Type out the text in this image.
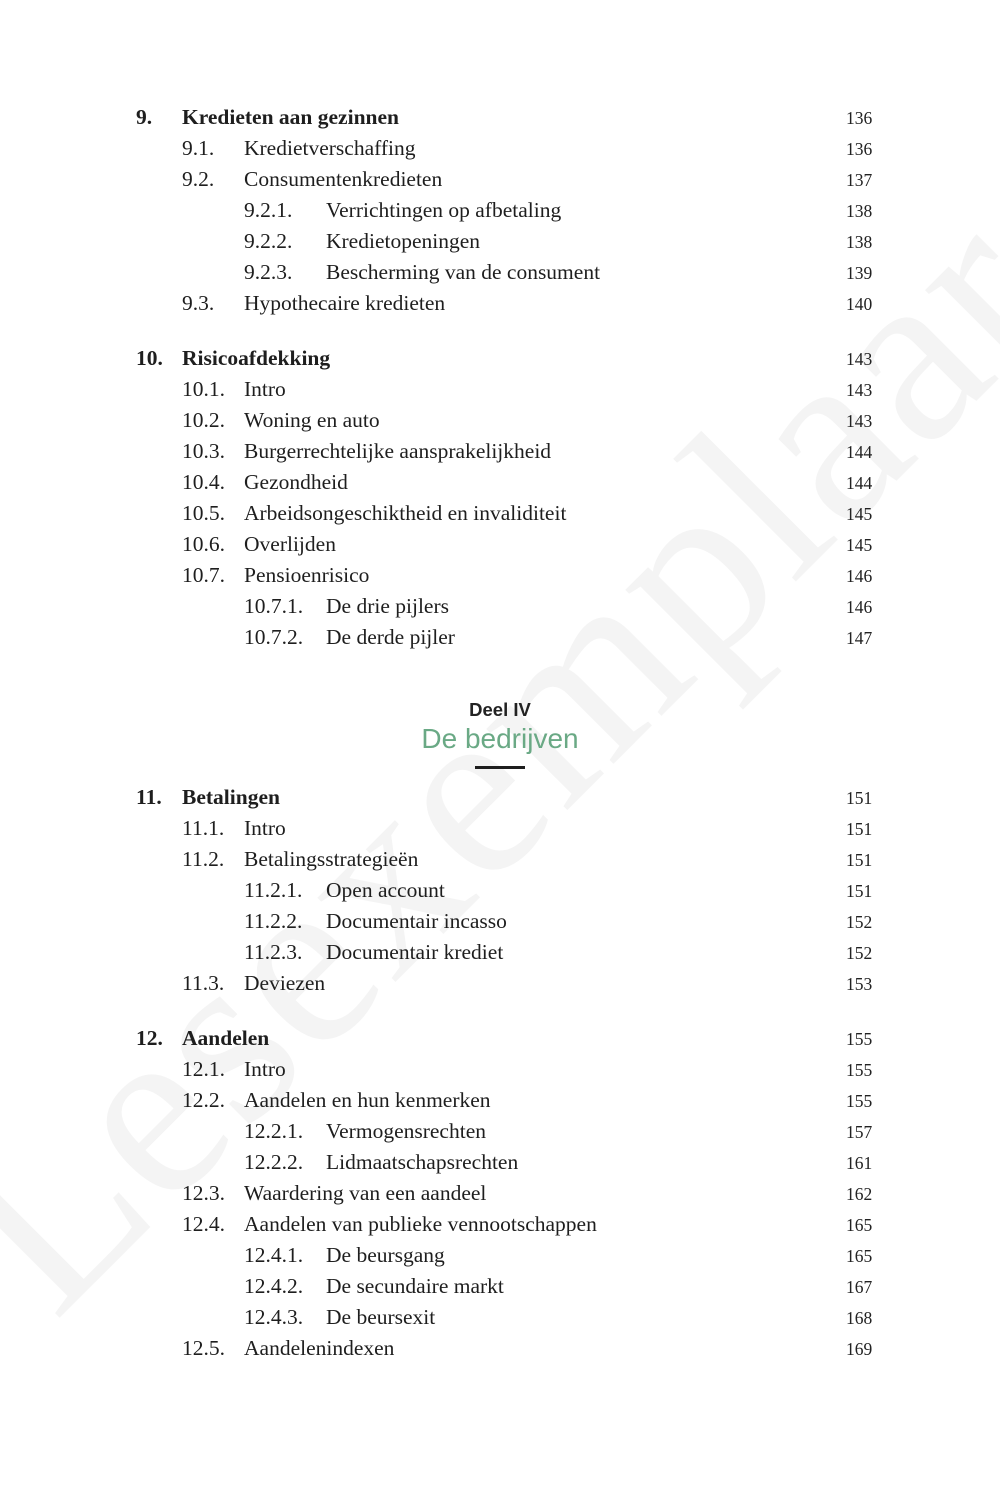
9. Kredieten aan gezinnen	136
9.1. Kredietverschaffing	136
9.2. Consumentenkredieten	137
9.2.1. Verrichtingen op afbetaling	138
9.2.2. Kredietopeningen	138
9.2.3. Bescherming van de consument	139
9.3. Hypothecaire kredieten	140
10. Risicoafdekking	143
10.1. Intro	143
10.2. Woning en auto	143
10.3. Burgerrechtelijke aansprakelijkheid	144
10.4. Gezondheid	144
10.5. Arbeidsongeschiktheid en invaliditeit	145
10.6. Overlijden	145
10.7. Pensioenrisico	146
10.7.1. De drie pijlers	146
10.7.2. De derde pijler	147
11. Betalingen	151
11.1. Intro	151
11.2. Betalingsstrategieën	151
11.2.1. Open account	151
11.2.2. Documentair incasso	152
11.2.3. Documentair krediet	152
11.3. Deviezen	153
12. Aandelen	155
12.1. Intro	155
12.2. Aandelen en hun kenmerken	155
12.2.1. Vermogensrechten	157
12.2.2. Lidmaatschapsrechten	161
12.3. Waardering van een aandeel	162
12.4. Aandelen van publieke vennootschappen	165
12.4.1. De beursgang	165
12.4.2. De secundaire markt	167
12.4.3. De beursexit	168
12.5. Aandelenindexen	169
Deel IV
De bedrijven
